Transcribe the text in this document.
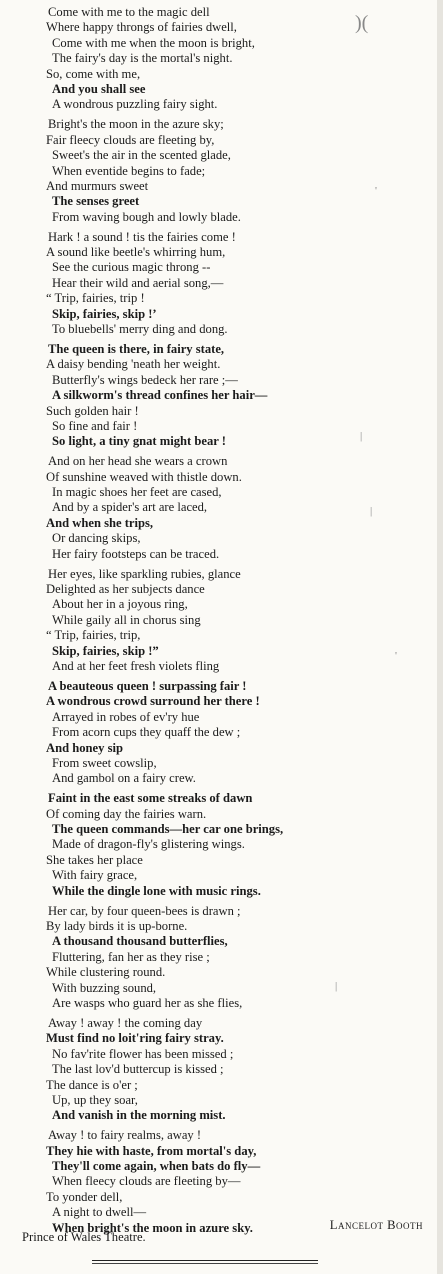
Come with me to the magic dell
Where happy throngs of fairies dwell,
Come with me when the moon is bright,
The fairy's day is the mortal's night.
So, come with me,
And you shall see
A wondrous puzzling fairy sight.
Bright's the moon in the azure sky;
Fair fleecy clouds are fleeting by,
Sweet's the air in the scented glade,
When eventide begins to fade;
And murmurs sweet
The senses greet
From waving bough and lowly blade.
Hark ! a sound ! tis the fairies come !
A sound like beetle's whirring hum,
See the curious magic throng --
Hear their wild and aerial song,—
“ Trip, fairies, trip !
Skip, fairies, skip !’
To bluebells' merry ding and dong.
The queen is there, in fairy state,
A daisy bending 'neath her weight.
Butterfly's wings bedeck her rare ;—
A silkworm's thread confines her hair—
Such golden hair !
So fine and fair !
So light, a tiny gnat might bear !
And on her head she wears a crown
Of sunshine weaved with thistle down.
In magic shoes her feet are cased,
And by a spider's art are laced,
And when she trips,
Or dancing skips,
Her fairy footsteps can be traced.
Her eyes, like sparkling rubies, glance
Delighted as her subjects dance
About her in a joyous ring,
While gaily all in chorus sing
“ Trip, fairies, trip,
Skip, fairies, skip !”
And at her feet fresh violets fling
A beauteous queen ! surpassing fair !
A wondrous crowd surround her there !
Arrayed in robes of ev'ry hue
From acorn cups they quaff the dew ;
And honey sip
From sweet cowslip,
And gambol on a fairy crew.
Faint in the east some streaks of dawn
Of coming day the fairies warn.
The queen commands—her car one brings,
Made of dragon-fly's glistering wings.
She takes her place
With fairy grace,
While the dingle lone with music rings.
Her car, by four queen-bees is drawn ;
By lady birds it is up-borne.
A thousand thousand butterflies,
Fluttering, fan her as they rise ;
While clustering round.
With buzzing sound,
Are wasps who guard her as she flies,
Away ! away ! the coming day
Must find no loit'ring fairy stray.
No fav'rite flower has been missed ;
The last lov'd buttercup is kissed ;
The dance is o'er ;
Up, up they soar,
And vanish in the morning mist.
Away ! to fairy realms, away !
They hie with haste, from mortal's day,
They'll come again, when bats do fly—
When fleecy clouds are fleeting by—
To yonder dell,
A night to dwell—
When bright's the moon in azure sky.	Lancelot Booth
Prince of Wales Theatre.
)(
'
|
|
'
|
